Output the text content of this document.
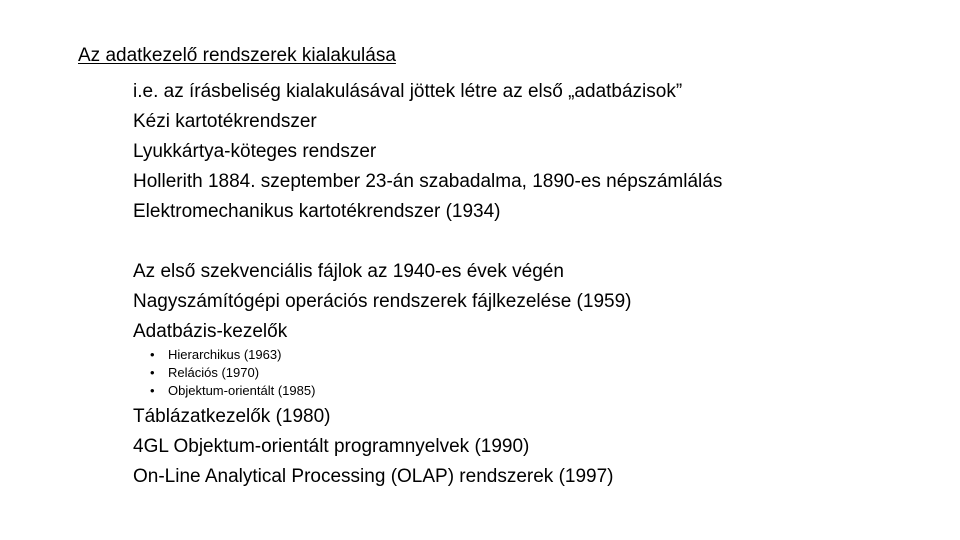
Az adatkezelő rendszerek kialakulása
i.e. az írásbeliség kialakulásával jöttek létre az első „adatbázisok”
Kézi kartotékrendszer
Lyukkártya-köteges rendszer
Hollerith 1884. szeptember 23-án szabadalma, 1890-es népszámlálás
Elektromechanikus kartotékrendszer (1934)
Az első szekvenciális fájlok az 1940-es évek végén
Nagyszámítógépi operációs rendszerek fájlkezelése (1959)
Adatbázis-kezelők
• Hierarchikus (1963)
• Relációs (1970)
• Objektum-orientált (1985)
Táblázatkezelők (1980)
4GL Objektum-orientált programnyelvek (1990)
On-Line Analytical Processing (OLAP) rendszerek (1997)
